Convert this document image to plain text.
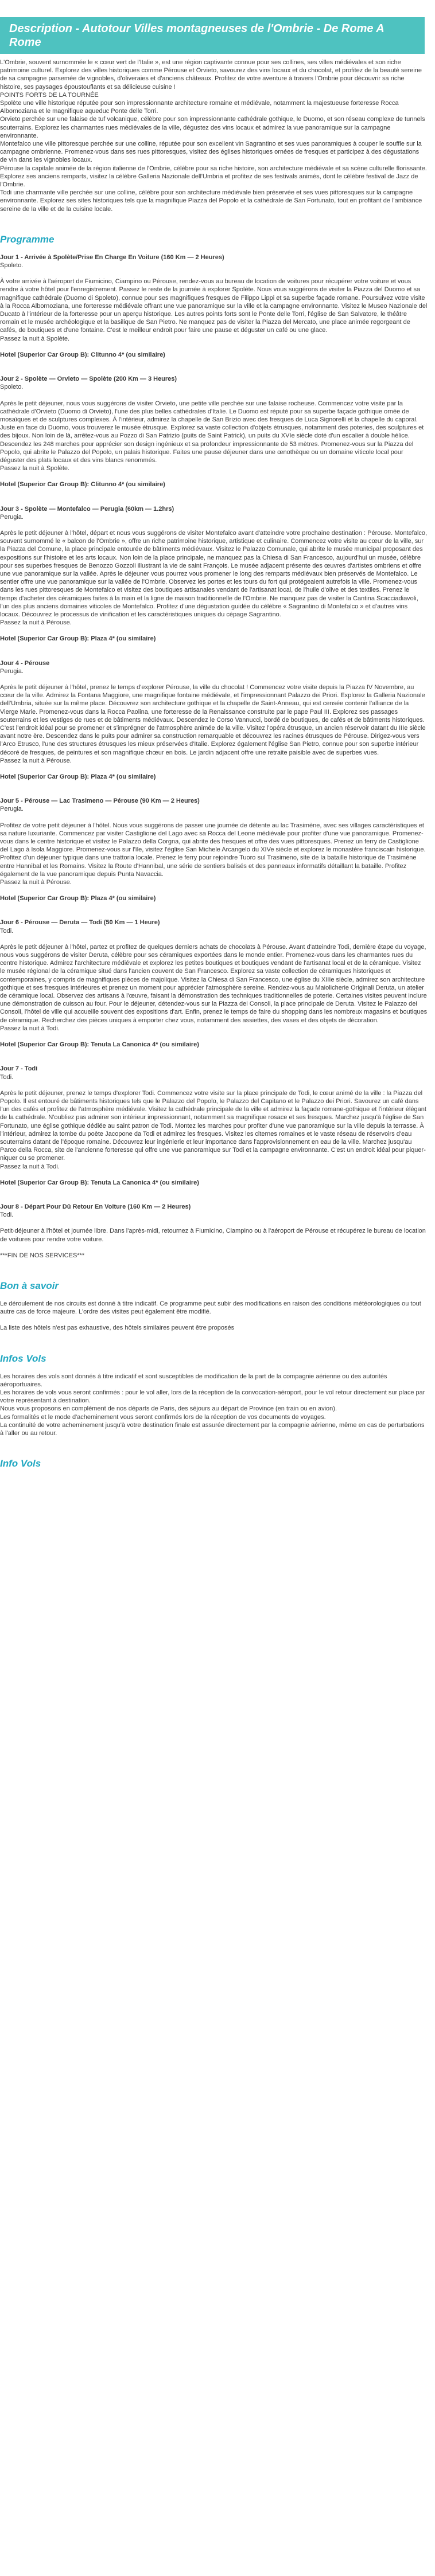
Description - Autotour Villes montagneuses de l'Ombrie - De Rome A Rome

L'Ombrie, souvent surnommée le « cœur vert de l'Italie », est une région captivante connue pour ses collines, ses villes médiévales et son riche patrimoine culturel. Explorez des villes historiques comme Pérouse et Orvieto, savourez des vins locaux et du chocolat, et profitez de la beauté sereine de sa campagne parsemée de vignobles, d'oliveraies et d'anciens châteaux. Profitez de votre aventure à travers l'Ombrie pour découvrir sa riche histoire, ses paysages époustouflants et sa délicieuse cuisine !

POINTS FORTS DE LA TOURNÉE

Spolète une ville historique réputée pour son impressionnante architecture romaine et médiévale, notamment la majestueuse forteresse Rocca Albornoziana et le magnifique aqueduc Ponte delle Torri.

Orvieto perchée sur une falaise de tuf volcanique, célèbre pour son impressionnante cathédrale gothique, le Duomo, et son réseau complexe de tunnels souterrains. Explorez les charmantes rues médiévales de la ville, dégustez des vins locaux et admirez la vue panoramique sur la campagne environnante.

Montefalco une ville pittoresque perchée sur une colline, réputée pour son excellent vin Sagrantino et ses vues panoramiques à couper le souffle sur la campagne ombrienne. Promenez-vous dans ses rues pittoresques, visitez des églises historiques ornées de fresques et participez à des dégustations de vin dans les vignobles locaux.

Pérouse la capitale animée de la région italienne de l'Ombrie, célèbre pour sa riche histoire, son architecture médiévale et sa scène culturelle florissante. Explorez ses anciens remparts, visitez la célèbre Galleria Nazionale dell'Umbria et profitez de ses festivals animés, dont le célèbre festival de Jazz de l'Ombrie.

Todi une charmante ville perchée sur une colline, célèbre pour son architecture médiévale bien préservée et ses vues pittoresques sur la campagne environnante. Explorez ses sites historiques tels que la magnifique Piazza del Popolo et la cathédrale de San Fortunato, tout en profitant de l'ambiance sereine de la ville et de la cuisine locale.

Programme

Jour 1 - Arrivée à Spolète/Prise En Charge En Voiture (160 Km — 2 Heures)

Spoleto.

À votre arrivée à l'aéroport de Fiumicino, Ciampino ou Pérouse, rendez-vous au bureau de location de voitures pour récupérer votre voiture et vous rendre à votre hôtel pour l'enregistrement. Passez le reste de la journée à explorer Spolète. Nous vous suggérons de visiter la Piazza del Duomo et sa magnifique cathédrale (Duomo di Spoleto), connue pour ses magnifiques fresques de Filippo Lippi et sa superbe façade romane. Poursuivez votre visite à la Rocca Albornoziana, une forteresse médiévale offrant une vue panoramique sur la ville et la campagne environnante. Visitez le Museo Nazionale del Ducato à l'intérieur de la forteresse pour un aperçu historique. Les autres points forts sont le Ponte delle Torri, l'église de San Salvatore, le théâtre romain et le musée archéologique et la basilique de San Pietro. Ne manquez pas de visiter la Piazza del Mercato, une place animée regorgeant de cafés, de boutiques et d'une fontaine. C'est le meilleur endroit pour faire une pause et déguster un café ou une glace.

Passez la nuit à Spolète.

Hotel (Superior Car Group B): Clitunno 4* (ou similaire)

Jour 2 - Spolète — Orvieto — Spolète (200 Km — 3 Heures)

Spoleto.

Après le petit déjeuner, nous vous suggérons de visiter Orvieto, une petite ville perchée sur une falaise rocheuse. Commencez votre visite par la cathédrale d'Orvieto (Duomo di Orvieto), l'une des plus belles cathédrales d'Italie. Le Duomo est réputé pour sa superbe façade gothique ornée de mosaïques et de sculptures complexes. À l'intérieur, admirez la chapelle de San Brizio avec des fresques de Luca Signorelli et la chapelle du caporal. Juste en face du Duomo, vous trouverez le musée étrusque. Explorez sa vaste collection d'objets étrusques, notamment des poteries, des sculptures et des bijoux. Non loin de là, arrêtez-vous au Pozzo di San Patrizio (puits de Saint Patrick), un puits du XVIe siècle doté d'un escalier à double hélice. Descendez les 248 marches pour apprécier son design ingénieux et sa profondeur impressionnante de 53 mètres. Promenez-vous sur la Piazza del Popolo, qui abrite le Palazzo del Popolo, un palais historique. Faites une pause déjeuner dans une œnothèque ou un domaine viticole local pour déguster des plats locaux et des vins blancs renommés.

Passez la nuit à Spolète.

Hotel (Superior Car Group B): Clitunno 4* (ou similaire)

Jour 3 - Spolète — Montefalco — Perugia (60km — 1.2hrs)

Perugia.

Après le petit déjeuner à l'hôtel, départ et nous vous suggérons de visiter Montefalco avant d'atteindre votre prochaine destination : Pérouse. Montefalco, souvent surnommé le « balcon de l'Ombrie », offre un riche patrimoine historique, artistique et culinaire. Commencez votre visite au cœur de la ville, sur la Piazza del Comune, la place principale entourée de bâtiments médiévaux. Visitez le Palazzo Comunale, qui abrite le musée municipal proposant des expositions sur l'histoire et les arts locaux. Non loin de la place principale, ne manquez pas la Chiesa di San Francesco, aujourd'hui un musée, célèbre pour ses superbes fresques de Benozzo Gozzoli illustrant la vie de saint François. Le musée adjacent présente des œuvres d'artistes ombriens et offre une vue panoramique sur la vallée. Après le déjeuner vous pourrez vous promener le long des remparts médiévaux bien préservés de Montefalco. Le sentier offre une vue panoramique sur la vallée de l'Ombrie. Observez les portes et les tours du fort qui protégeaient autrefois la ville. Promenez-vous dans les rues pittoresques de Montefalco et visitez des boutiques artisanales vendant de l'artisanat local, de l'huile d'olive et des textiles. Prenez le temps d'acheter des céramiques faites à la main et la ligne de maison traditionnelle de l'Ombrie. Ne manquez pas de visiter la Cantina Scacciadiavoli, l'un des plus anciens domaines viticoles de Montefalco. Profitez d'une dégustation guidée du célèbre « Sagrantino di Montefalco » et d'autres vins locaux. Découvrez le processus de vinification et les caractéristiques uniques du cépage Sagrantino.

Passez la nuit à Pérouse.

Hotel (Superior Car Group B): Plaza 4* (ou similaire)

Jour 4 - Pérouse

Perugia.

Après le petit déjeuner à l'hôtel, prenez le temps d'explorer Pérouse, la ville du chocolat ! Commencez votre visite depuis la Piazza IV Novembre, au cœur de la ville. Admirez la Fontana Maggiore, une magnifique fontaine médiévale, et l'impressionnant Palazzo dei Priori. Explorez la Galleria Nazionale dell'Umbria, située sur la même place. Découvrez son architecture gothique et la chapelle de Saint-Anneau, qui est censée contenir l'alliance de la Vierge Marie. Promenez-vous dans la Rocca Paolina, une forteresse de la Renaissance construite par le pape Paul III. Explorez ses passages souterrains et les vestiges de rues et de bâtiments médiévaux. Descendez le Corso Vannucci, bordé de boutiques, de cafés et de bâtiments historiques. C'est l'endroit idéal pour se promener et s'imprégner de l'atmosphère animée de la ville. Visitez l'opéra étrusque, un ancien réservoir datant du IIIe siècle avant notre ère. Descendez dans le puits pour admirer sa construction remarquable et découvrez les racines étrusques de Pérouse. Dirigez-vous vers l'Arco Etrusco, l'une des structures étrusques les mieux préservées d'Italie. Explorez également l'église San Pietro, connue pour son superbe intérieur décoré de fresques, de peintures et son magnifique chœur en bois. Le jardin adjacent offre une retraite paisible avec de superbes vues.

Passez la nuit à Pérouse.

Hotel (Superior Car Group B): Plaza 4* (ou similaire)

Jour 5 - Pérouse — Lac Trasimeno — Pérouse (90 Km — 2 Heures)

Perugia.

Profitez de votre petit déjeuner à l'hôtel. Nous vous suggérons de passer une journée de détente au lac Trasimène, avec ses villages caractéristiques et sa nature luxuriante. Commencez par visiter Castiglione del Lago avec sa Rocca del Leone médiévale pour profiter d'une vue panoramique. Promenez-vous dans le centre historique et visitez le Palazzo della Corgna, qui abrite des fresques et offre des vues pittoresques. Prenez un ferry de Castiglione del Lago à Isola Maggiore. Promenez-vous sur l'île, visitez l'église San Michele Arcangelo du XIVe siècle et explorez le monastère franciscain historique. Profitez d'un déjeuner typique dans une trattoria locale. Prenez le ferry pour rejoindre Tuoro sul Trasimeno, site de la bataille historique de Trasimène entre Hannibal et les Romains. Visitez la Route d'Hannibal, une série de sentiers balisés et des panneaux informatifs détaillant la bataille. Profitez également de la vue panoramique depuis Punta Navaccia.

Passez la nuit à Pérouse.

Hotel (Superior Car Group B): Plaza 4* (ou similaire)

Jour 6 - Pérouse — Deruta — Todi (50 Km — 1 Heure)

Todi.

Après le petit déjeuner à l'hôtel, partez et profitez de quelques derniers achats de chocolats à Pérouse. Avant d'atteindre Todi, dernière étape du voyage, nous vous suggérons de visiter Deruta, célèbre pour ses céramiques exportées dans le monde entier. Promenez-vous dans les charmantes rues du centre historique. Admirez l'architecture médiévale et explorez les petites boutiques et boutiques vendant de l'artisanat local et de la céramique. Visitez le musée régional de la céramique situé dans l'ancien couvent de San Francesco. Explorez sa vaste collection de céramiques historiques et contemporaines, y compris de magnifiques pièces de majolique. Visitez la Chiesa di San Francesco, une église du XIIIe siècle, admirez son architecture gothique et ses fresques intérieures et prenez un moment pour apprécier l'atmosphère sereine. Rendez-vous au Maiolicherie Originali Deruta, un atelier de céramique local. Observez des artisans à l'œuvre, faisant la démonstration des techniques traditionnelles de poterie. Certaines visites peuvent inclure une démonstration de cuisson au four. Pour le déjeuner, détendez-vous sur la Piazza dei Consoli, la place principale de Deruta. Visitez le Palazzo dei Consoli, l'hôtel de ville qui accueille souvent des expositions d'art. Enfin, prenez le temps de faire du shopping dans les nombreux magasins et boutiques de céramique. Recherchez des pièces uniques à emporter chez vous, notamment des assiettes, des vases et des objets de décoration.

Passez la nuit à Todi.

Hotel (Superior Car Group B): Tenuta La Canonica 4* (ou similaire)

Jour 7 - Todi

Todi.

Après le petit déjeuner, prenez le temps d'explorer Todi. Commencez votre visite sur la place principale de Todi, le cœur animé de la ville : la Piazza del Popolo. Il est entouré de bâtiments historiques tels que le Palazzo del Popolo, le Palazzo del Capitano et le Palazzo dei Priori. Savourez un café dans l'un des cafés et profitez de l'atmosphère médiévale. Visitez la cathédrale principale de la ville et admirez la façade romane-gothique et l'intérieur élégant de la cathédrale. N'oubliez pas admirer son intérieur impressionnant, notamment sa magnifique rosace et ses fresques. Marchez jusqu'à l'église de San Fortunato, une église gothique dédiée au saint patron de Todi. Montez les marches pour profiter d'une vue panoramique sur la ville depuis la terrasse. À l'intérieur, admirez la tombe du poète Jacopone da Todi et admirez les fresques. Visitez les citernes romaines et le vaste réseau de réservoirs d'eau souterrains datant de l'époque romaine. Découvrez leur ingénierie et leur importance dans l'approvisionnement en eau de la ville. Marchez jusqu'au Parco della Rocca, site de l'ancienne forteresse qui offre une vue panoramique sur Todi et la campagne environnante. C'est un endroit idéal pour piquer-niquer ou se promener.

Passez la nuit à Todi.

Hotel (Superior Car Group B): Tenuta La Canonica 4* (ou similaire)

Jour 8 - Départ Pour Dû Retour En Voiture (160 Km — 2 Heures)

Todi.

Petit-déjeuner à l'hôtel et journée libre. Dans l'après-midi, retournez à Fiumicino, Ciampino ou à l'aéroport de Pérouse et récupérez le bureau de location de voitures pour rendre votre voiture.

***FIN DE NOS SERVICES***

Bon à savoir

Le déroulement de nos circuits est donné à titre indicatif. Ce programme peut subir des modifications en raison des conditions météorologiques ou tout autre cas de force majeure. L'ordre des visites peut également être modifié.

La liste des hôtels n'est pas exhaustive, des hôtels similaires peuvent être proposés

Infos Vols

Les horaires des vols sont donnés à titre indicatif et sont susceptibles de modification de la part de la compagnie aérienne ou des autorités aéroportuaires.

Les horaires de vols vous seront confirmés : pour le vol aller, lors de la réception de la convocation-aéroport, pour le vol retour directement sur place par votre représentant à destination.

Nous vous proposons en complément de nos départs de Paris, des séjours au départ de Province (en train ou en avion).

Les formalités et le mode d'acheminement vous seront confirmés lors de la réception de vos documents de voyages.

La continuité de votre acheminement jusqu'à votre destination finale est assurée directement par la compagnie aérienne, même en cas de perturbations à l'aller ou au retour.

Info Vols
